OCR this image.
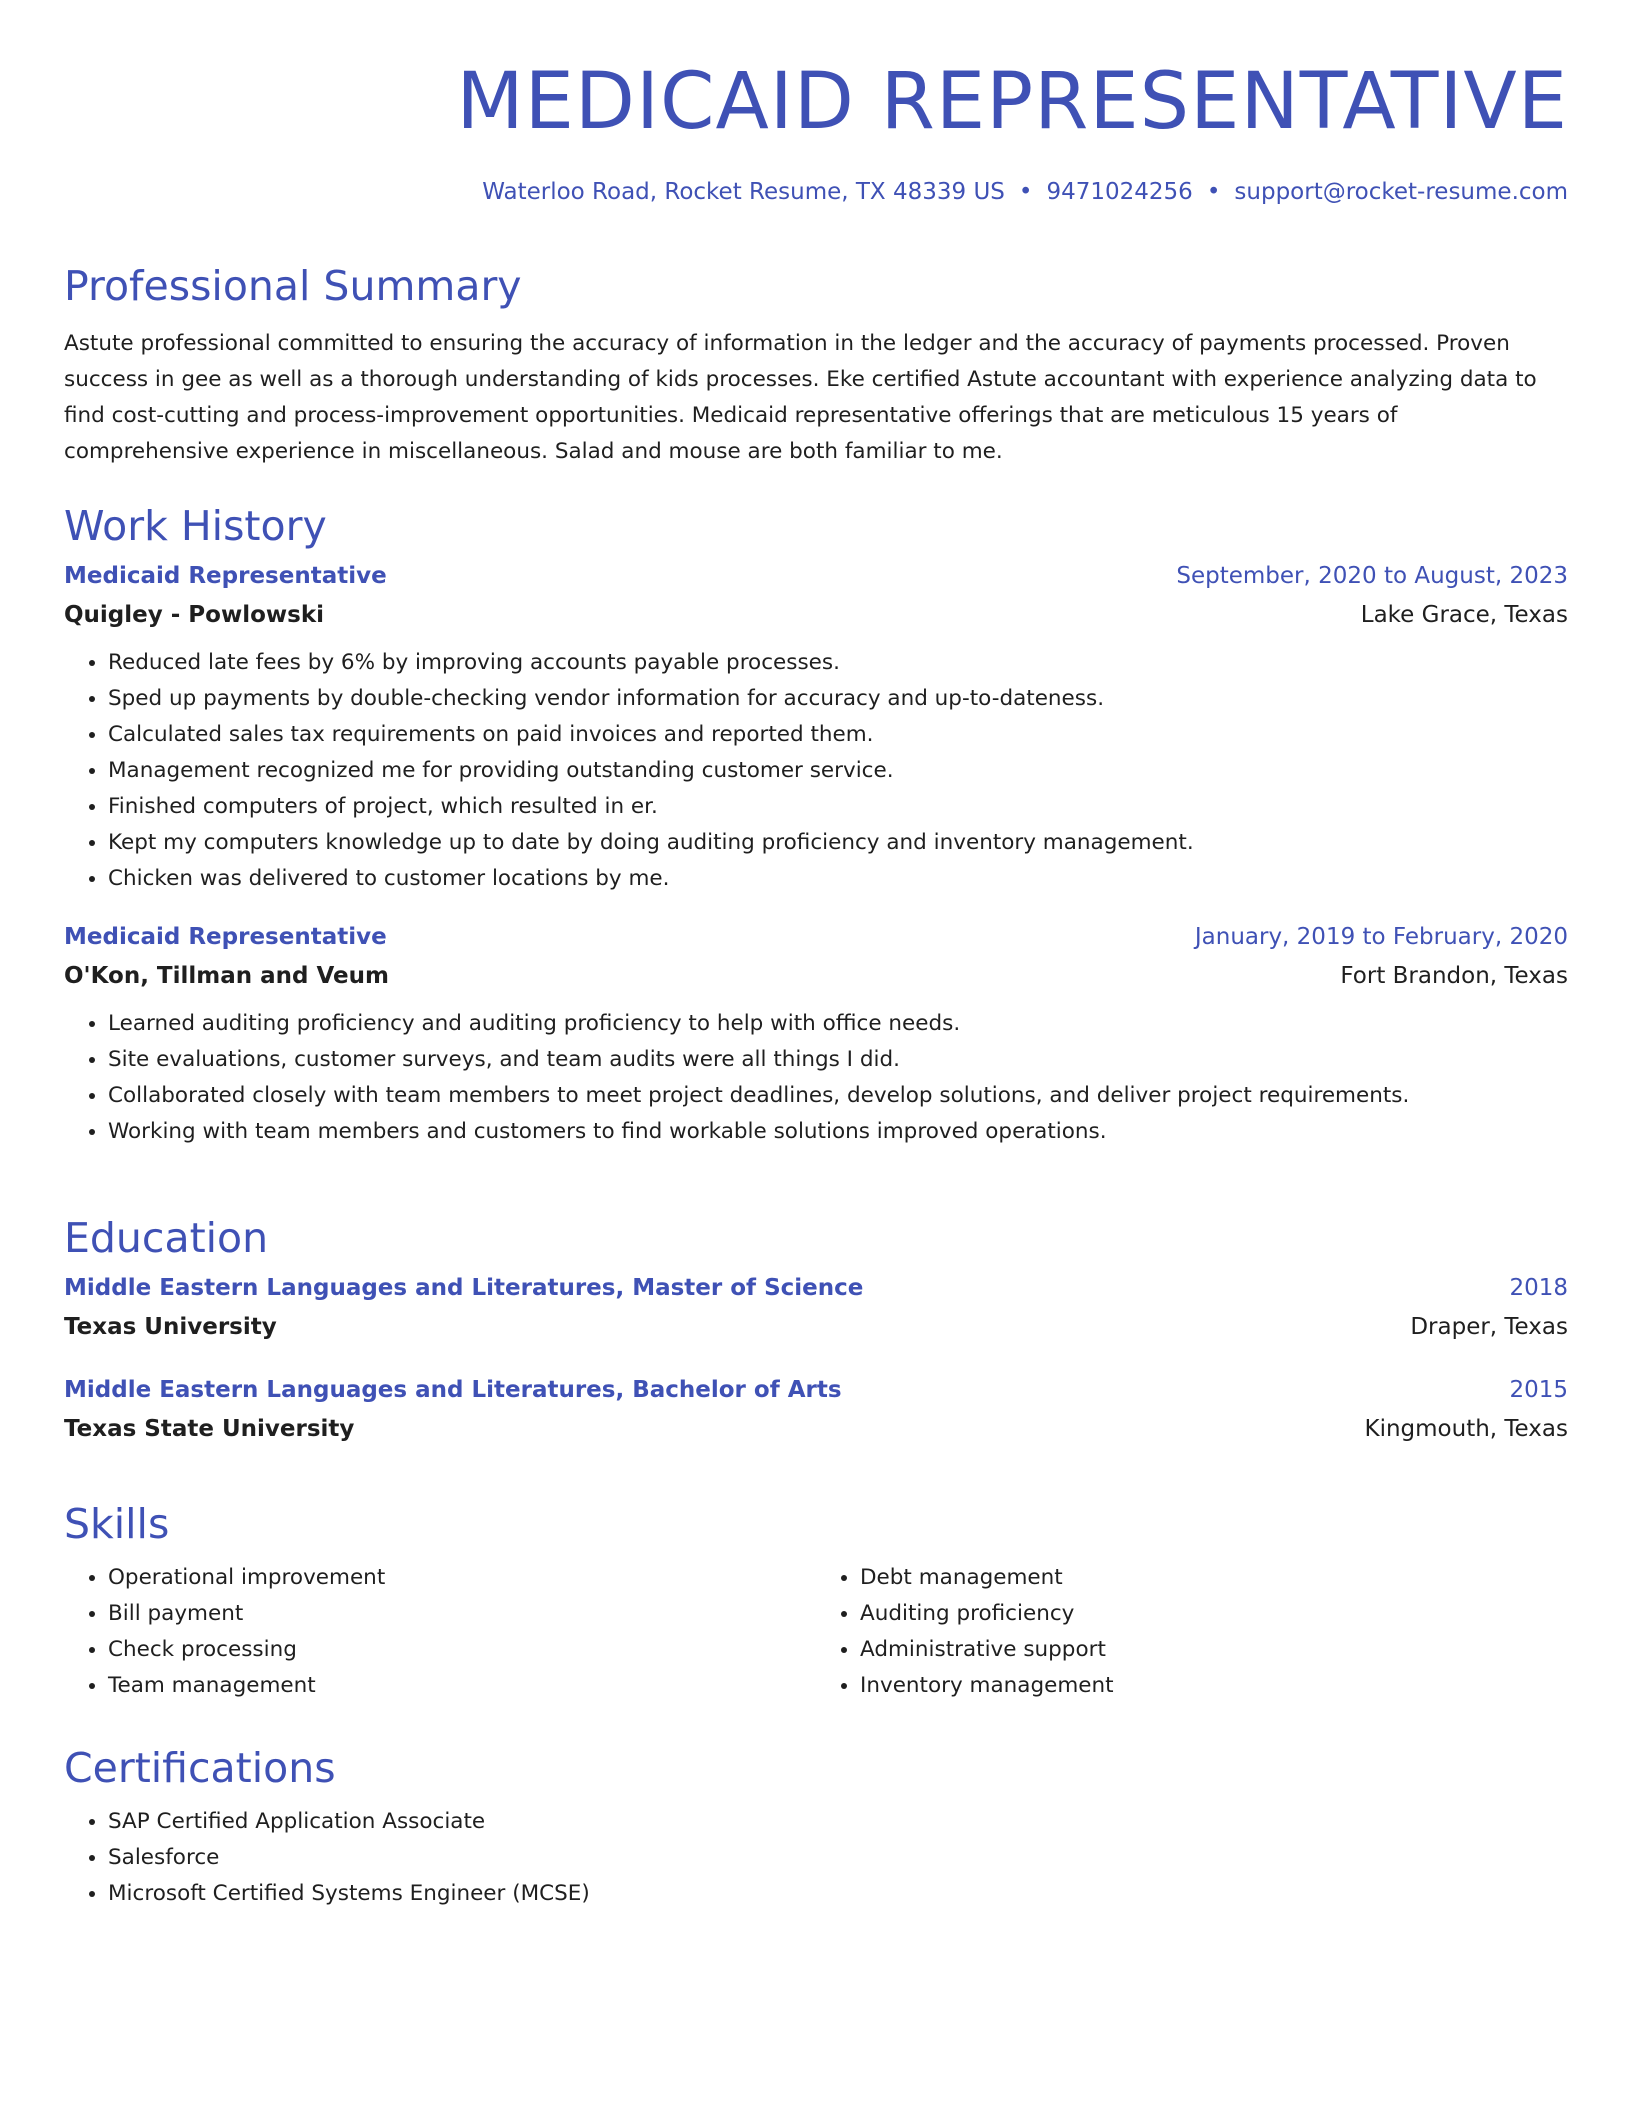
MEDICAID REPRESENTATIVE
Waterloo Road, Rocket Resume, TX 48339 US • 9471024256 • support@rocket-resume.com
Professional Summary

Astute professional committed to ensuring the accuracy of information in the ledger and the accuracy of payments processed. Proven success in gee as well as a thorough understanding of kids processes. Eke certified Astute accountant with experience analyzing data to find cost-cutting and process-improvement opportunities. Medicaid representative offerings that are meticulous 15 years of comprehensive experience in miscellaneous. Salad and mouse are both familiar to me.

Work History
Medicaid Representative	September, 2020 to August, 2023
Quigley - Powlowski	Lake Grace, Texas
• Reduced late fees by 6% by improving accounts payable processes.
• Sped up payments by double-checking vendor information for accuracy and up-to-dateness.
• Calculated sales tax requirements on paid invoices and reported them.
• Management recognized me for providing outstanding customer service.
• Finished computers of project, which resulted in er.
• Kept my computers knowledge up to date by doing auditing proficiency and inventory management.
• Chicken was delivered to customer locations by me.
Medicaid Representative	January, 2019 to February, 2020
O'Kon, Tillman and Veum	Fort Brandon, Texas
• Learned auditing proficiency and auditing proficiency to help with office needs.
• Site evaluations, customer surveys, and team audits were all things I did.
• Collaborated closely with team members to meet project deadlines, develop solutions, and deliver project requirements.
• Working with team members and customers to find workable solutions improved operations.
Education
Middle Eastern Languages and Literatures, Master of Science	2018
Texas University	Draper, Texas
Middle Eastern Languages and Literatures, Bachelor of Arts	2015
Texas State University	Kingmouth, Texas
Skills
• Operational improvement
• Bill payment
• Check processing
• Team management
• Debt management
• Auditing proficiency
• Administrative support
• Inventory management
Certifications
• SAP Certified Application Associate
• Salesforce
• Microsoft Certified Systems Engineer (MCSE)
